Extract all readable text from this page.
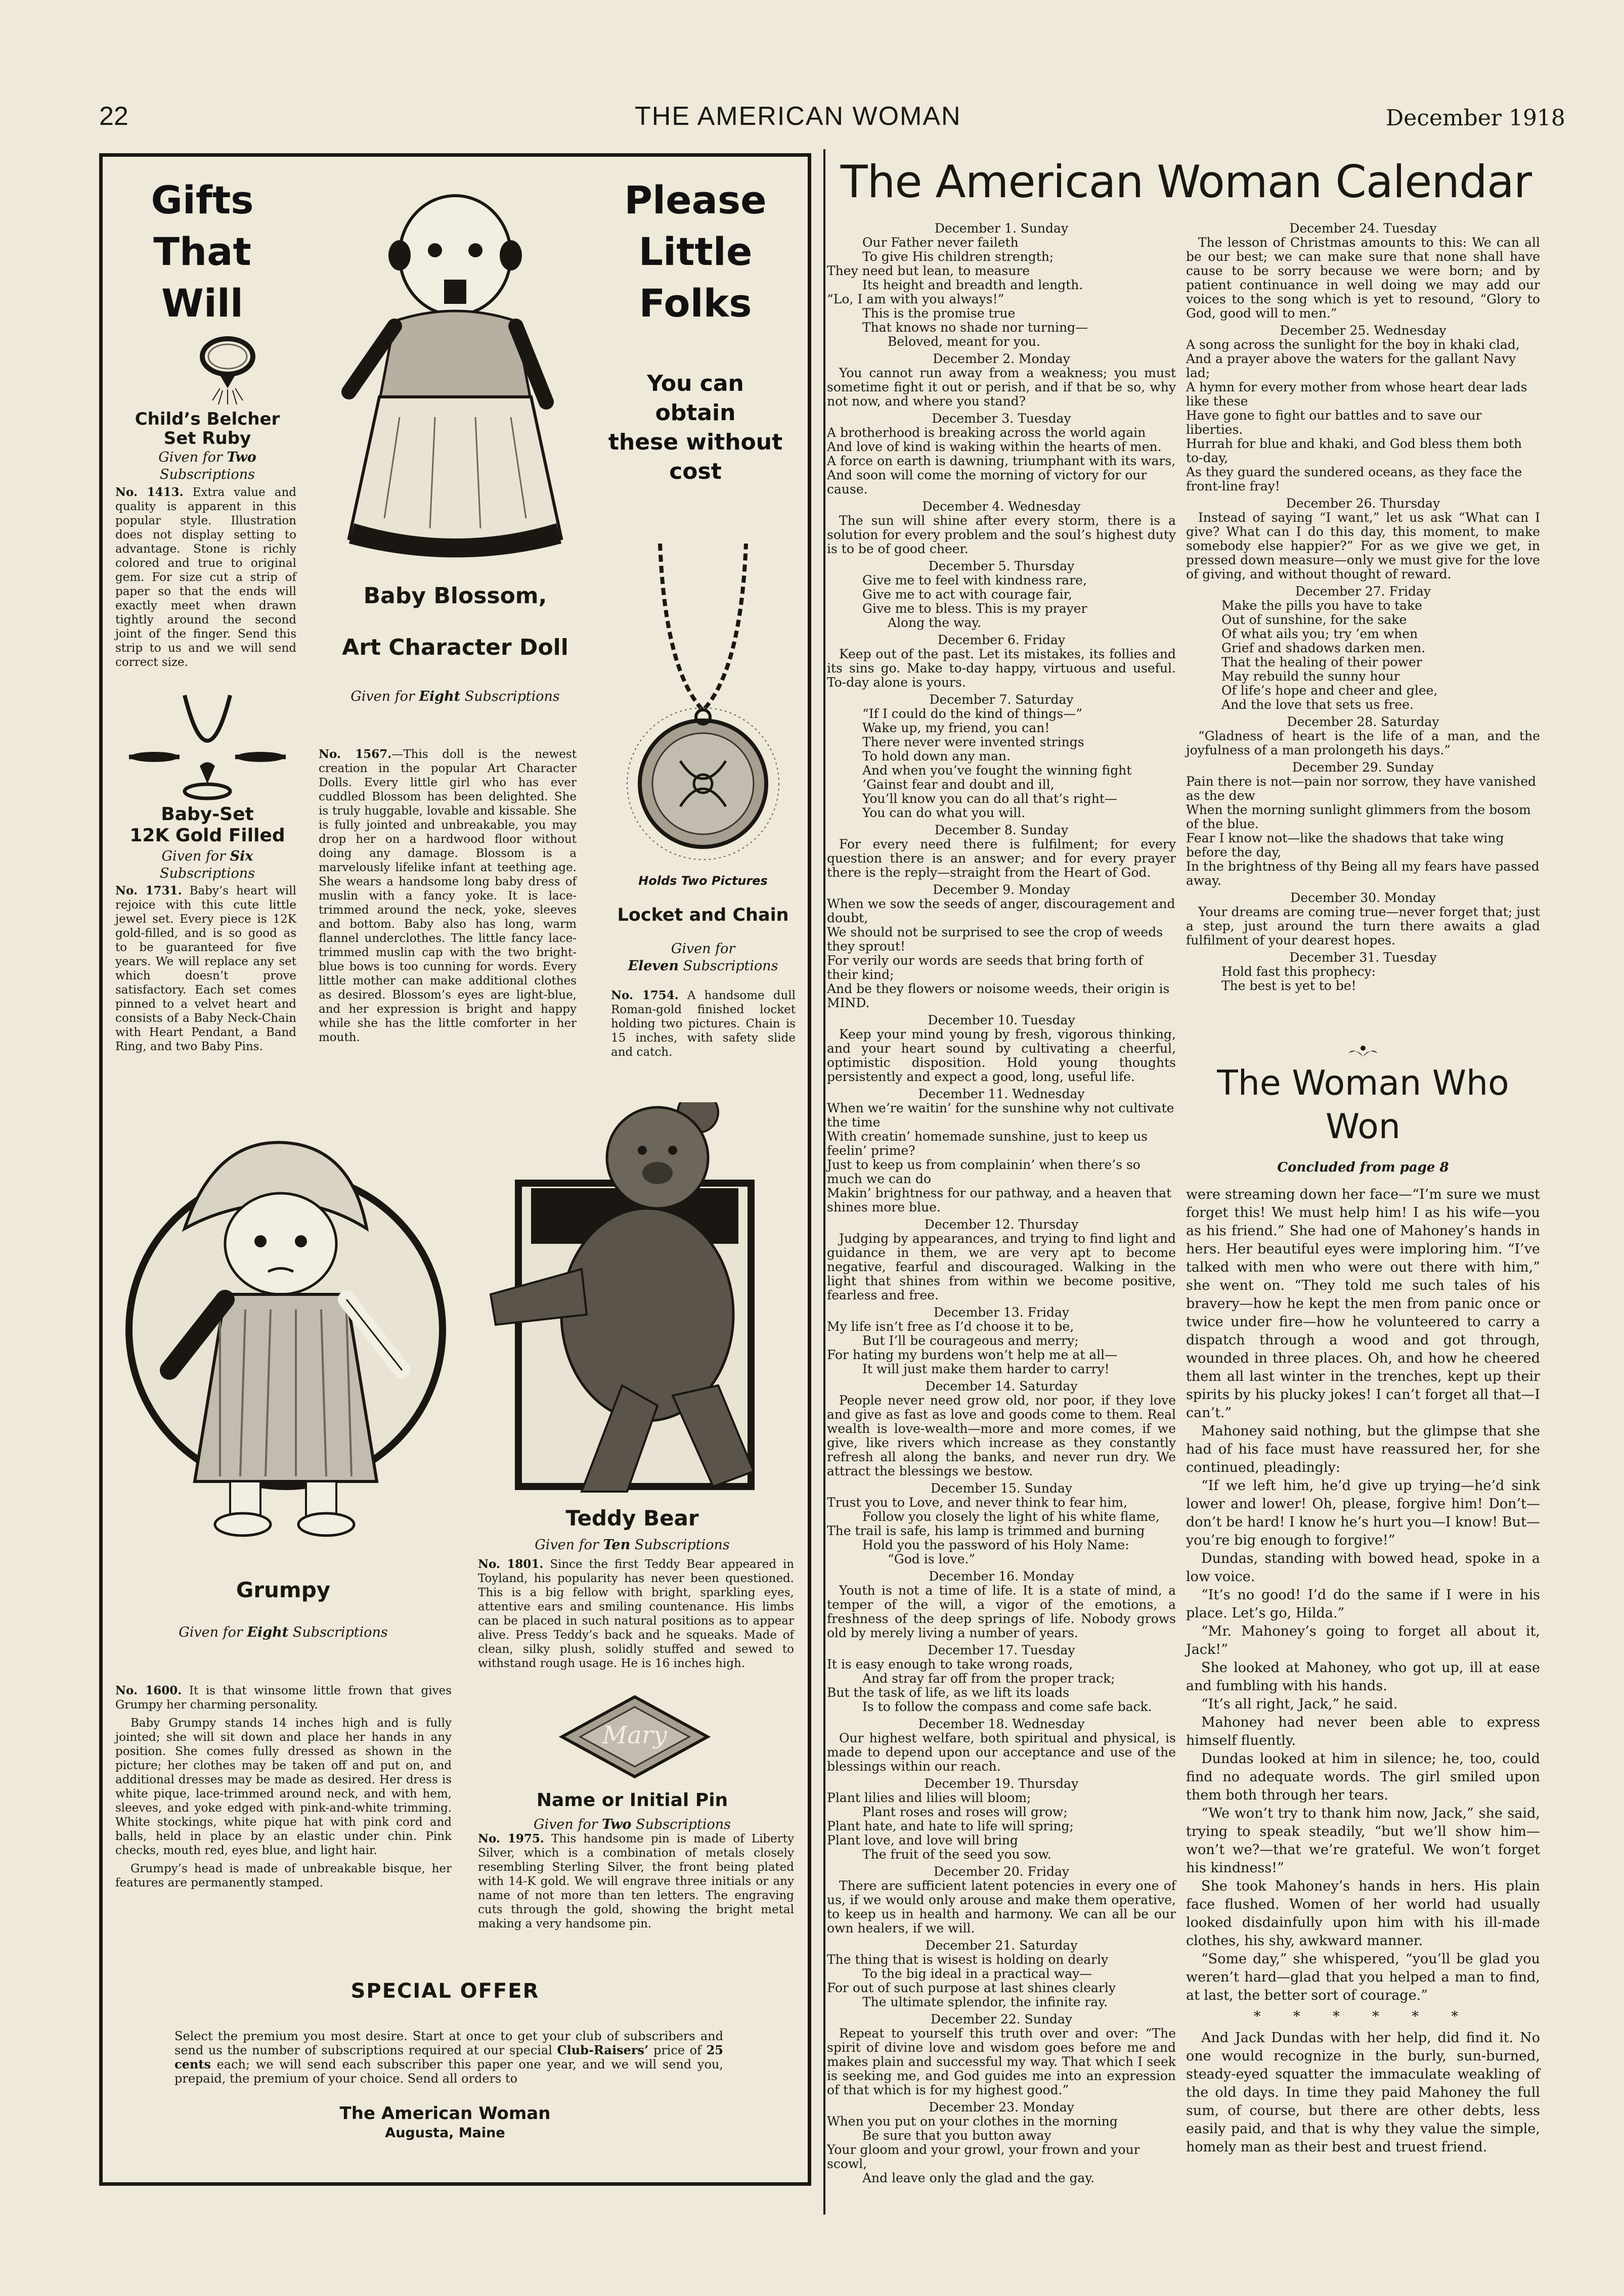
22	THE AMERICAN WOMAN	December 1918
Gifts
That
Will
Please
Little
Folks
You can
obtain
these without
cost
Child’s Belcher
Set Ruby
Given for Two
Subscriptions

No. 1413. Extra value and quality is apparent in this popular style. Illustration does not display setting to advantage. Stone is richly colored and true to original gem. For size cut a strip of paper so that the ends will exactly meet when drawn tightly around the second joint of the finger. Send this strip to us and we will send correct size.

Baby-Set
12K Gold Filled
Given for Six
Subscriptions

No. 1731. Baby’s heart will rejoice with this cute little jewel set. Every piece is 12K gold-filled, and is so good as to be guaranteed for five years. We will replace any set which doesn’t prove satisfactory. Each set comes pinned to a velvet heart and consists of a Baby Neck-Chain with Heart Pendant, a Band Ring, and two Baby Pins.

Baby Blossom,
Art Character Doll
Given for Eight Subscriptions

No. 1567.—This doll is the newest creation in the popular Art Character Dolls. Every little girl who has ever cuddled Blossom has been delighted. She is truly huggable, lovable and kissable. She is fully jointed and unbreakable, you may drop her on a hardwood floor without doing any damage. Blossom is a marvelously lifelike infant at teething age. She wears a handsome long baby dress of muslin with a fancy yoke. It is lace-trimmed around the neck, yoke, sleeves and bottom. Baby also has long, warm flannel underclothes. The little fancy lace-trimmed muslin cap with the two bright-blue bows is too cunning for words. Every little mother can make additional clothes as desired. Blossom’s eyes are light-blue, and her expression is bright and happy while she has the little comforter in her mouth.

Holds Two Pictures
Locket and Chain
Given for
Eleven Subscriptions

No. 1754. A handsome dull Roman-gold finished locket holding two pictures. Chain is 15 inches, with safety slide and catch.

Grumpy
Given for Eight Subscriptions

No. 1600. It is that winsome little frown that gives Grumpy her charming personality.

Baby Grumpy stands 14 inches high and is fully jointed; she will sit down and place her hands in any position. She comes fully dressed as shown in the picture; her clothes may be taken off and put on, and additional dresses may be made as desired. Her dress is white pique, lace-trimmed around neck, and with hem, sleeves, and yoke edged with pink-and-white trimming. White stockings, white pique hat with pink cord and balls, held in place by an elastic under chin. Pink checks, mouth red, eyes blue, and light hair.

Grumpy’s head is made of unbreakable bisque, her features are permanently stamped.

Teddy Bear
Given for Ten Subscriptions

No. 1801. Since the first Teddy Bear appeared in Toyland, his popularity has never been questioned. This is a big fellow with bright, sparkling eyes, attentive ears and smiling countenance. His limbs can be placed in such natural positions as to appear alive. Press Teddy’s back and he squeaks. Made of clean, silky plush, solidly stuffed and sewed to withstand rough usage. He is 16 inches high.

Mary
Name or Initial Pin
Given for Two Subscriptions

No. 1975. This handsome pin is made of Liberty Silver, which is a combination of metals closely resembling Sterling Silver, the front being plated with 14-K gold. We will engrave three initials or any name of not more than ten letters. The engraving cuts through the gold, showing the bright metal making a very handsome pin.

SPECIAL OFFER

Select the premium you most desire. Start at once to get your club of subscribers and send us the number of subscriptions required at our special Club-Raisers’ price of 25 cents each; we will send each subscriber this paper one year, and we will send you, prepaid, the premium of your choice. Send all orders to

The American Woman
Augusta, Maine
The American Woman Calendar
December 1. Sunday
Our Father never faileth
To give His children strength;
They need but lean, to measure
Its height and breadth and length.
“Lo, I am with you always!”
This is the promise true
That knows no shade nor turning—
Beloved, meant for you.
December 2. Monday

You cannot run away from a weakness; you must sometime fight it out or perish, and if that be so, why not now, and where you stand?

December 3. Tuesday
A brotherhood is breaking across the world again
And love of kind is waking within the hearts of men.
A force on earth is dawning, triumphant with its wars,
And soon will come the morning of victory for our cause.
December 4. Wednesday

The sun will shine after every storm, there is a solution for every problem and the soul’s highest duty is to be of good cheer.

December 5. Thursday
Give me to feel with kindness rare,
Give me to act with courage fair,
Give me to bless. This is my prayer
Along the way.
December 6. Friday

Keep out of the past. Let its mistakes, its follies and its sins go. Make to-day happy, virtuous and useful. To-day alone is yours.

December 7. Saturday
“If I could do the kind of things—”
Wake up, my friend, you can!
There never were invented strings
To hold down any man.
And when you’ve fought the winning fight
’Gainst fear and doubt and ill,
You’ll know you can do all that’s right—
You can do what you will.
December 8. Sunday

For every need there is fulfilment; for every question there is an answer; and for every prayer there is the reply—straight from the Heart of God.

December 9. Monday
When we sow the seeds of anger, discouragement and doubt,
We should not be surprised to see the crop of weeds they sprout!
For verily our words are seeds that bring forth of their kind;
And be they flowers or noisome weeds, their origin is MIND.
December 10. Tuesday

Keep your mind young by fresh, vigorous thinking, and your heart sound by cultivating a cheerful, optimistic disposition. Hold young thoughts persistently and expect a good, long, useful life.

December 11. Wednesday
When we’re waitin’ for the sunshine why not cultivate the time
With creatin’ homemade sunshine, just to keep us feelin’ prime?
Just to keep us from complainin’ when there’s so much we can do
Makin’ brightness for our pathway, and a heaven that shines more blue.
December 12. Thursday

Judging by appearances, and trying to find light and guidance in them, we are very apt to become negative, fearful and discouraged. Walking in the light that shines from within we become positive, fearless and free.

December 13. Friday
My life isn’t free as I’d choose it to be,
But I’ll be courageous and merry;
For hating my burdens won’t help me at all—
It will just make them harder to carry!
December 14. Saturday

People never need grow old, nor poor, if they love and give as fast as love and goods come to them. Real wealth is love-wealth—more and more comes, if we give, like rivers which increase as they constantly refresh all along the banks, and never run dry. We attract the blessings we bestow.

December 15. Sunday
Trust you to Love, and never think to fear him,
Follow you closely the light of his white flame,
The trail is safe, his lamp is trimmed and burning
Hold you the password of his Holy Name:
“God is love.”
December 16. Monday

Youth is not a time of life. It is a state of mind, a temper of the will, a vigor of the emotions, a freshness of the deep springs of life. Nobody grows old by merely living a number of years.

December 17. Tuesday
It is easy enough to take wrong roads,
And stray far off from the proper track;
But the task of life, as we lift its loads
Is to follow the compass and come safe back.
December 18. Wednesday

Our highest welfare, both spiritual and physical, is made to depend upon our acceptance and use of the blessings within our reach.

December 19. Thursday
Plant lilies and lilies will bloom;
Plant roses and roses will grow;
Plant hate, and hate to life will spring;
Plant love, and love will bring
The fruit of the seed you sow.
December 20. Friday

There are sufficient latent potencies in every one of us, if we would only arouse and make them operative, to keep us in health and harmony. We can all be our own healers, if we will.

December 21. Saturday
The thing that is wisest is holding on dearly
To the big ideal in a practical way—
For out of such purpose at last shines clearly
The ultimate splendor, the infinite ray.
December 22. Sunday

Repeat to yourself this truth over and over: “The spirit of divine love and wisdom goes before me and makes plain and successful my way. That which I seek is seeking me, and God guides me into an expression of that which is for my highest good.”

December 23. Monday
When you put on your clothes in the morning
Be sure that you button away
Your gloom and your growl, your frown and your scowl,
And leave only the glad and the gay.
December 24. Tuesday

The lesson of Christmas amounts to this: We can all be our best; we can make sure that none shall have cause to be sorry because we were born; and by patient continuance in well doing we may add our voices to the song which is yet to resound, “Glory to God, good will to men.”

December 25. Wednesday
A song across the sunlight for the boy in khaki clad,
And a prayer above the waters for the gallant Navy lad;
A hymn for every mother from whose heart dear lads like these
Have gone to fight our battles and to save our liberties.
Hurrah for blue and khaki, and God bless them both to-day,
As they guard the sundered oceans, as they face the front-line fray!
December 26. Thursday

Instead of saying “I want,” let us ask “What can I give? What can I do this day, this moment, to make somebody else happier?” For as we give we get, in pressed down measure—only we must give for the love of giving, and without thought of reward.

December 27. Friday
Make the pills you have to take
Out of sunshine, for the sake
Of what ails you; try ’em when
Grief and shadows darken men.
That the healing of their power
May rebuild the sunny hour
Of life’s hope and cheer and glee,
And the love that sets us free.
December 28. Saturday

“Gladness of heart is the life of a man, and the joyfulness of a man prolongeth his days.”

December 29. Sunday
Pain there is not—pain nor sorrow, they have vanished as the dew
When the morning sunlight glimmers from the bosom of the blue.
Fear I know not—like the shadows that take wing before the day,
In the brightness of thy Being all my fears have passed away.
December 30. Monday

Your dreams are coming true—never forget that; just a step, just around the turn there awaits a glad fulfilment of your dearest hopes.

December 31. Tuesday
Hold fast this prophecy:
The best is yet to be!
The Woman Who
Won
Concluded from page 8

were streaming down her face—“I’m sure we must forget this! We must help him! I as his wife—you as his friend.” She had one of Mahoney’s hands in hers. Her beautiful eyes were imploring him. “I’ve talked with men who were out there with him,” she went on. “They told me such tales of his bravery—how he kept the men from panic once or twice under fire—how he volunteered to carry a dispatch through a wood and got through, wounded in three places. Oh, and how he cheered them all last winter in the trenches, kept up their spirits by his plucky jokes! I can’t forget all that—I can’t.”

Mahoney said nothing, but the glimpse that she had of his face must have reassured her, for she continued, pleadingly:

“If we left him, he’d give up trying—he’d sink lower and lower! Oh, please, forgive him! Don’t—don’t be hard! I know he’s hurt you—I know! But—you’re big enough to forgive!”

Dundas, standing with bowed head, spoke in a low voice.

“It’s no good! I’d do the same if I were in his place. Let’s go, Hilda.”

“Mr. Mahoney’s going to forget all about it, Jack!”

She looked at Mahoney, who got up, ill at ease and fumbling with his hands.

“It’s all right, Jack,” he said.

Mahoney had never been able to express himself fluently.

Dundas looked at him in silence; he, too, could find no adequate words. The girl smiled upon them both through her tears.

“We won’t try to thank him now, Jack,” she said, trying to speak steadily, “but we’ll show him—won’t we?—that we’re grateful. We won’t forget his kindness!”

She took Mahoney’s hands in hers. His plain face flushed. Women of her world had usually looked disdainfully upon him with his ill-made clothes, his shy, awkward manner.

“Some day,” she whispered, “you’ll be glad you weren’t hard—glad that you helped a man to find, at last, the better sort of courage.”

* * * * * *

And Jack Dundas with her help, did find it. No one would recognize in the burly, sun-burned, steady-eyed squatter the immaculate weakling of the old days. In time they paid Mahoney the full sum, of course, but there are other debts, less easily paid, and that is why they value the simple, homely man as their best and truest friend.
